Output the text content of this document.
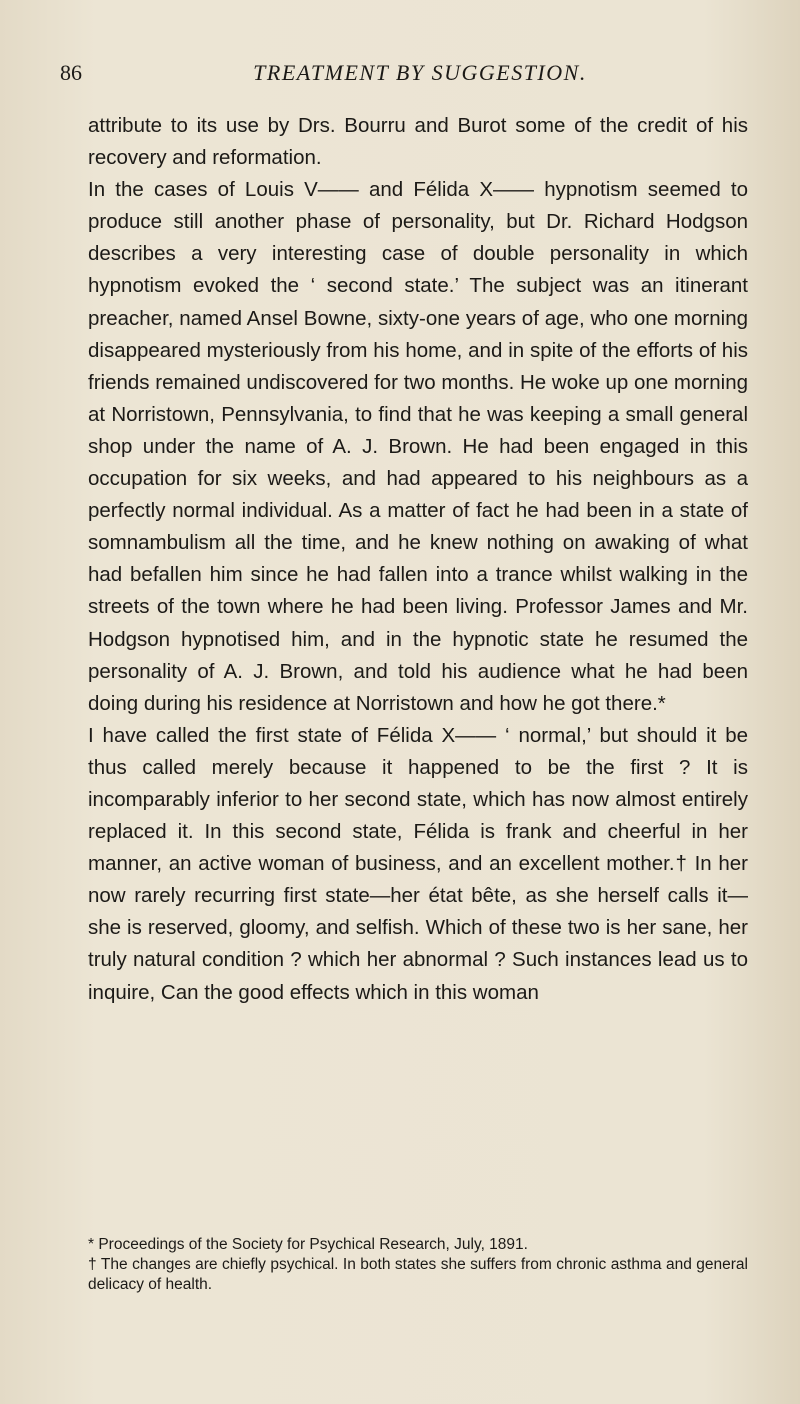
86	TREATMENT BY SUGGESTION.

attribute to its use by Drs. Bourru and Burot some of the credit of his recovery and reformation.

In the cases of Louis V—— and Félida X—— hypnotism seemed to produce still another phase of personality, but Dr. Richard Hodgson describes a very interesting case of double personality in which hypnotism evoked the ‘ second state.’ The subject was an itinerant preacher, named Ansel Bowne, sixty-one years of age, who one morning disappeared mysteriously from his home, and in spite of the efforts of his friends remained undiscovered for two months. He woke up one morning at Norristown, Pennsylvania, to find that he was keeping a small general shop under the name of A. J. Brown. He had been engaged in this occupation for six weeks, and had appeared to his neighbours as a perfectly normal individual. As a matter of fact he had been in a state of somnambulism all the time, and he knew nothing on awaking of what had befallen him since he had fallen into a trance whilst walking in the streets of the town where he had been living. Professor James and Mr. Hodgson hypnotised him, and in the hypnotic state he resumed the personality of A. J. Brown, and told his audience what he had been doing during his residence at Norristown and how he got there.*

I have called the first state of Félida X—— ‘ normal,’ but should it be thus called merely because it happened to be the first ? It is incomparably inferior to her second state, which has now almost entirely replaced it. In this second state, Félida is frank and cheerful in her manner, an active woman of business, and an excellent mother.† In her now rarely recurring first state—her état bête, as she herself calls it—she is reserved, gloomy, and selfish. Which of these two is her sane, her truly natural condition ? which her abnormal ? Such instances lead us to inquire, Can the good effects which in this woman

* Proceedings of the Society for Psychical Research, July, 1891.

† The changes are chiefly psychical. In both states she suffers from chronic asthma and general delicacy of health.
